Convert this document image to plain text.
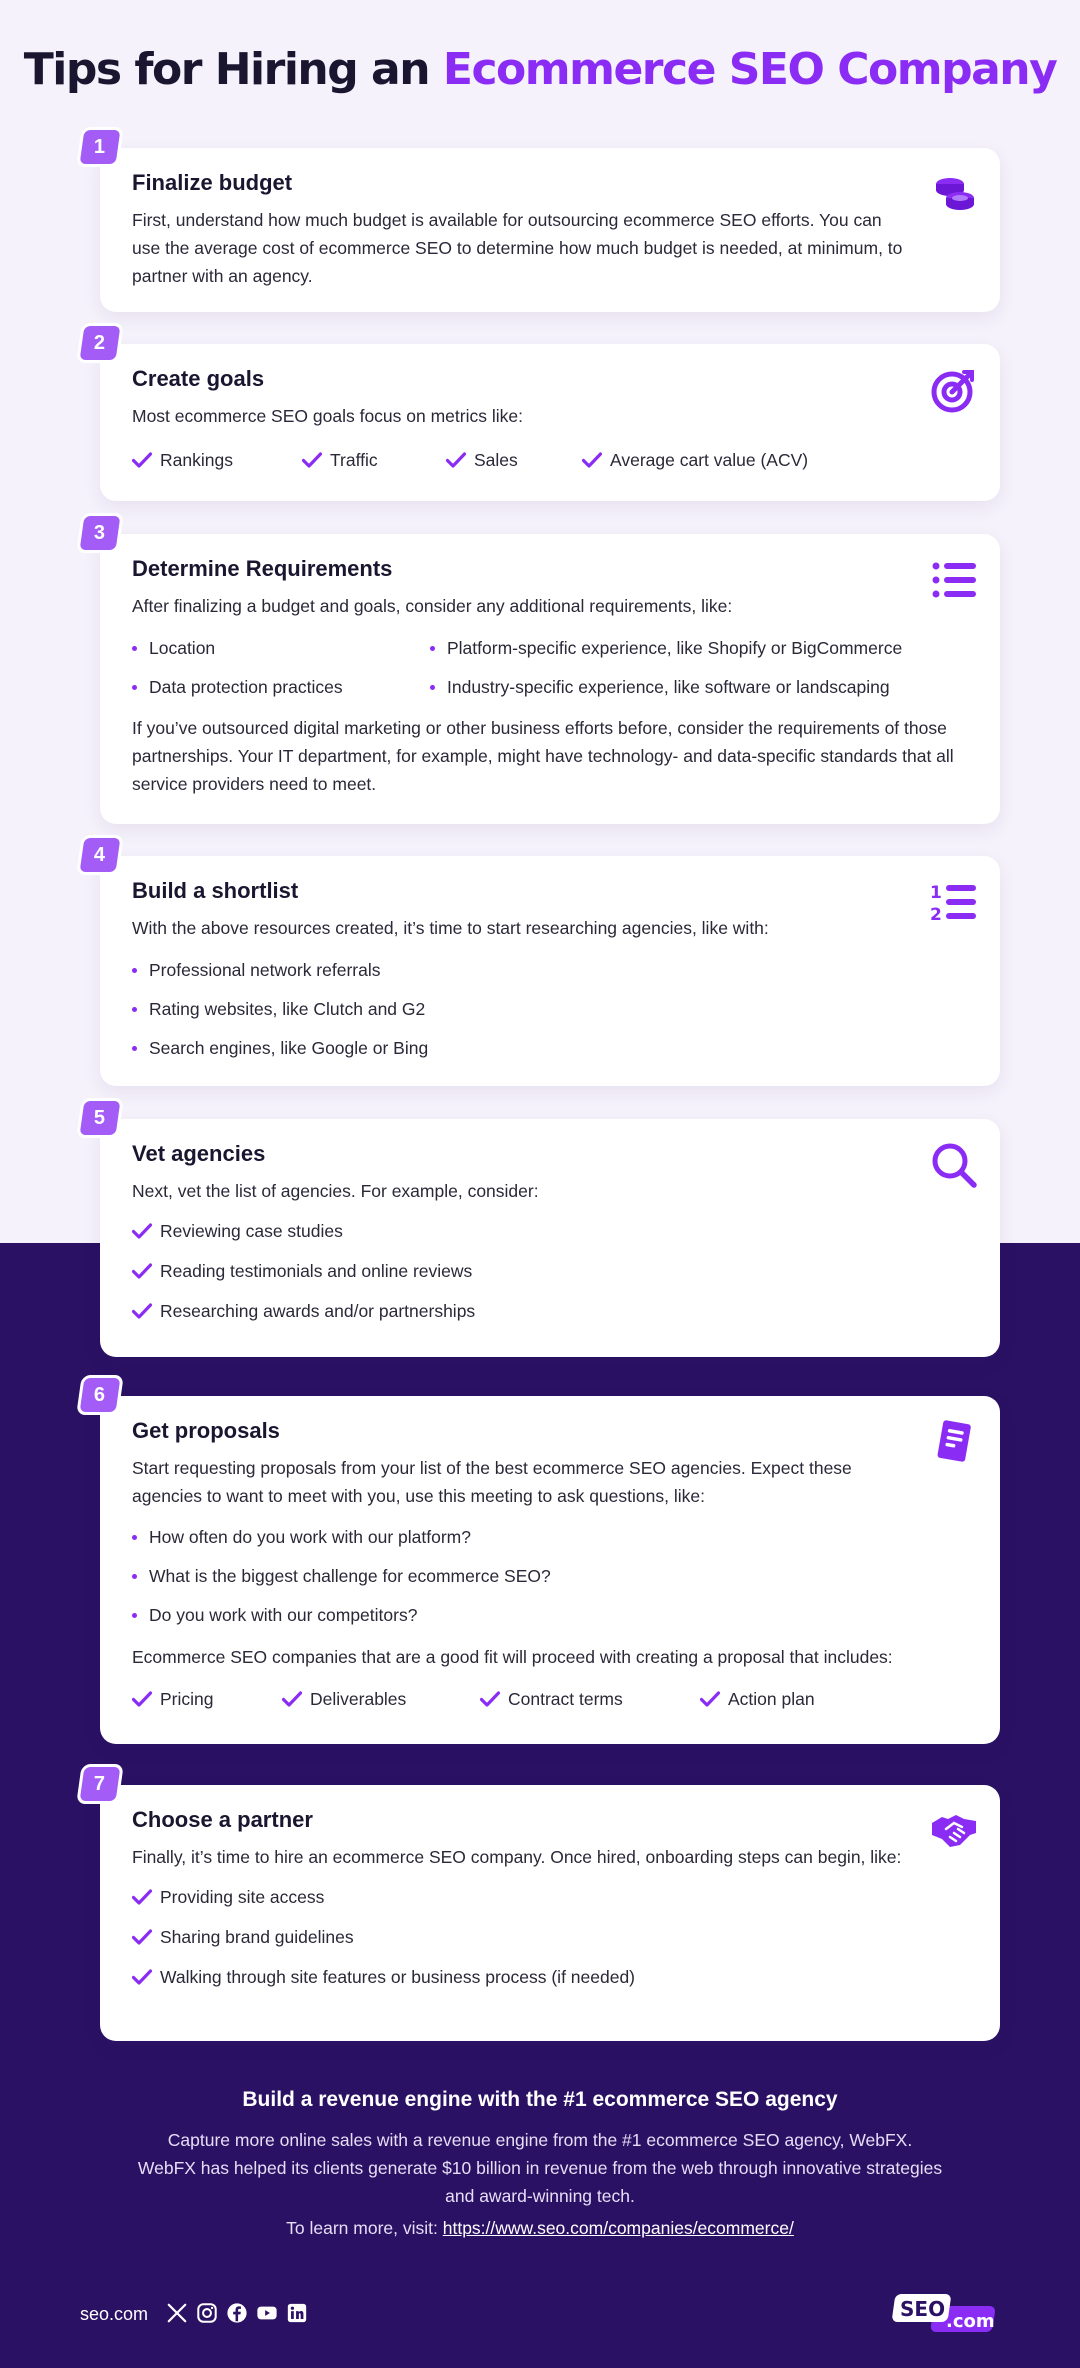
Tips for Hiring an Ecommerce SEO Company
1
Finalize budget
First, understand how much budget is available for outsourcing ecommerce SEO efforts. You can use the average cost of ecommerce SEO to determine how much budget is needed, at minimum, to partner with an agency.
2
Create goals
Most ecommerce SEO goals focus on metrics like:
Rankings	Traffic	Sales	Average cart value (ACV)
3
Determine Requirements
After finalizing a budget and goals, consider any additional requirements, like:
Location	Platform-specific experience, like Shopify or BigCommerce
Data protection practices	Industry-specific experience, like software or landscaping
If you’ve outsourced digital marketing or other business efforts before, consider the requirements of those partnerships. Your IT department, for example, might have technology- and data-specific standards that all service providers need to meet.
4
Build a shortlist
With the above resources created, it’s time to start researching agencies, like with:
Professional network referrals
Rating websites, like Clutch and G2
Search engines, like Google or Bing
1
2
5
Vet agencies
Next, vet the list of agencies. For example, consider:
Reviewing case studies
Reading testimonials and online reviews
Researching awards and/or partnerships
6
Get proposals
Start requesting proposals from your list of the best ecommerce SEO agencies. Expect these agencies to want to meet with you, use this meeting to ask questions, like:
How often do you work with our platform?
What is the biggest challenge for ecommerce SEO?
Do you work with our competitors?
Ecommerce SEO companies that are a good fit will proceed with creating a proposal that includes:
Pricing	Deliverables	Contract terms	Action plan
7
Choose a partner
Finally, it’s time to hire an ecommerce SEO company. Once hired, onboarding steps can begin, like:
Providing site access
Sharing brand guidelines
Walking through site features or business process (if needed)
Build a revenue engine with the #1 ecommerce SEO agency
Capture more online sales with a revenue engine from the #1 ecommerce SEO agency, WebFX.
WebFX has helped its clients generate $10 billion in revenue from the web through innovative strategies
and award-winning tech.
To learn more, visit: https://www.seo.com/companies/ecommerce/
seo.com	SEO
.com
